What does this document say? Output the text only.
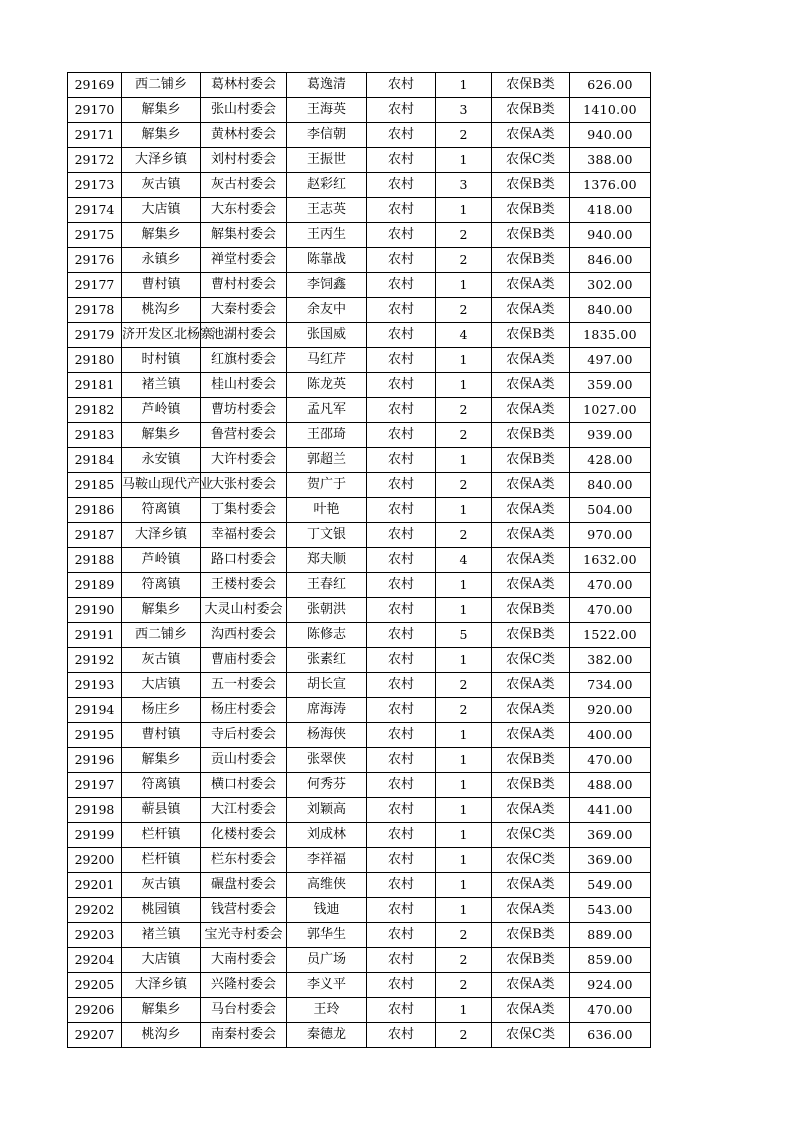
29169	西二铺乡	葛林村委会	葛逸清	农村	1	农保B类	626.00
29170	解集乡	张山村委会	王海英	农村	3	农保B类	1410.00
29171	解集乡	黄林村委会	李信朝	农村	2	农保A类	940.00
29172	大泽乡镇	刘村村委会	王振世	农村	1	农保C类	388.00
29173	灰古镇	灰古村委会	赵彩红	农村	3	农保B类	1376.00
29174	大店镇	大东村委会	王志英	农村	1	农保B类	418.00
29175	解集乡	解集村委会	王丙生	农村	2	农保B类	940.00
29176	永镇乡	禅堂村委会	陈靠战	农村	2	农保B类	846.00
29177	曹村镇	曹村村委会	李饲鑫	农村	1	农保A类	302.00
29178	桃沟乡	大秦村委会	余友中	农村	2	农保A类	840.00
29179	济开发区北杨寨	池湖村委会	张国威	农村	4	农保B类	1835.00
29180	时村镇	红旗村委会	马红芹	农村	1	农保A类	497.00
29181	褚兰镇	桂山村委会	陈龙英	农村	1	农保A类	359.00
29182	芦岭镇	曹坊村委会	孟凡军	农村	2	农保A类	1027.00
29183	解集乡	鲁营村委会	王邵琦	农村	2	农保B类	939.00
29184	永安镇	大许村委会	郭超兰	农村	1	农保B类	428.00
29185	马鞍山现代产业	大张村委会	贺广于	农村	2	农保A类	840.00
29186	符离镇	丁集村委会	叶艳	农村	1	农保A类	504.00
29187	大泽乡镇	幸福村委会	丁文银	农村	2	农保A类	970.00
29188	芦岭镇	路口村委会	郑夫顺	农村	4	农保A类	1632.00
29189	符离镇	王楼村委会	王春红	农村	1	农保A类	470.00
29190	解集乡	大灵山村委会	张朝洪	农村	1	农保B类	470.00
29191	西二铺乡	沟西村委会	陈修志	农村	5	农保B类	1522.00
29192	灰古镇	曹庙村委会	张素红	农村	1	农保C类	382.00
29193	大店镇	五一村委会	胡长宣	农村	2	农保A类	734.00
29194	杨庄乡	杨庄村委会	席海涛	农村	2	农保A类	920.00
29195	曹村镇	寺后村委会	杨海侠	农村	1	农保A类	400.00
29196	解集乡	贡山村委会	张翠侠	农村	1	农保B类	470.00
29197	符离镇	横口村委会	何秀芬	农村	1	农保B类	488.00
29198	蕲县镇	大江村委会	刘颖高	农村	1	农保A类	441.00
29199	栏杆镇	化楼村委会	刘成林	农村	1	农保C类	369.00
29200	栏杆镇	栏东村委会	李祥福	农村	1	农保C类	369.00
29201	灰古镇	碾盘村委会	高维侠	农村	1	农保A类	549.00
29202	桃园镇	钱营村委会	钱迪	农村	1	农保A类	543.00
29203	褚兰镇	宝光寺村委会	郭华生	农村	2	农保B类	889.00
29204	大店镇	大南村委会	员广场	农村	2	农保B类	859.00
29205	大泽乡镇	兴隆村委会	李义平	农村	2	农保A类	924.00
29206	解集乡	马台村委会	王玲	农村	1	农保A类	470.00
29207	桃沟乡	南秦村委会	秦德龙	农村	2	农保C类	636.00
